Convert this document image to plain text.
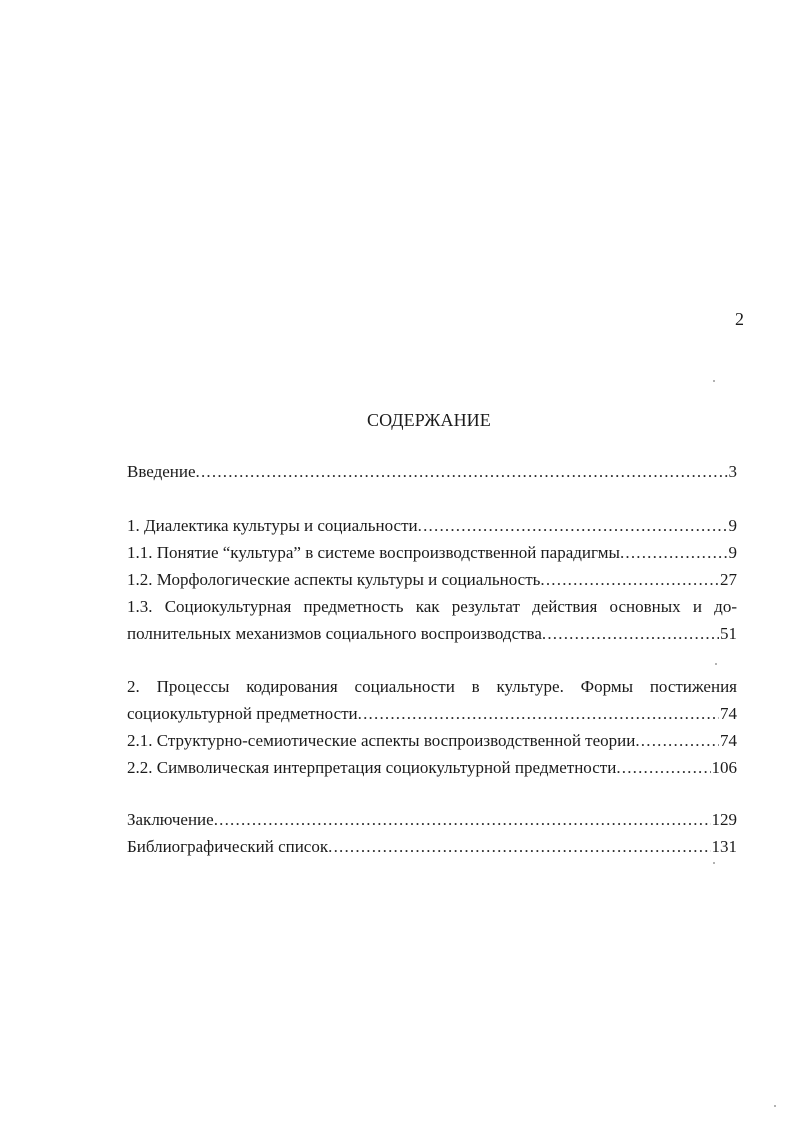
2
СОДЕРЖАНИЕ
Введение .....	3
1. Диалектика культуры и социальности .....	9
1.1. Понятие “культура” в системе воспроизводственной парадигмы .....	9
1.2. Морфологические аспекты культуры и социальность .....	27
1.3. Социокультурная предметность как результат действия основных и до-
полнительных механизмов социального воспроизводства .....	51
2. Процессы кодирования социальности в культуре. Формы постижения
социокультурной предметности .....	74
2.1. Структурно-семиотические аспекты воспроизводственной теории .....	74
2.2. Символическая интерпретация социокультурной предметности .....	106
Заключение .....	129
Библиографический список .....	131
